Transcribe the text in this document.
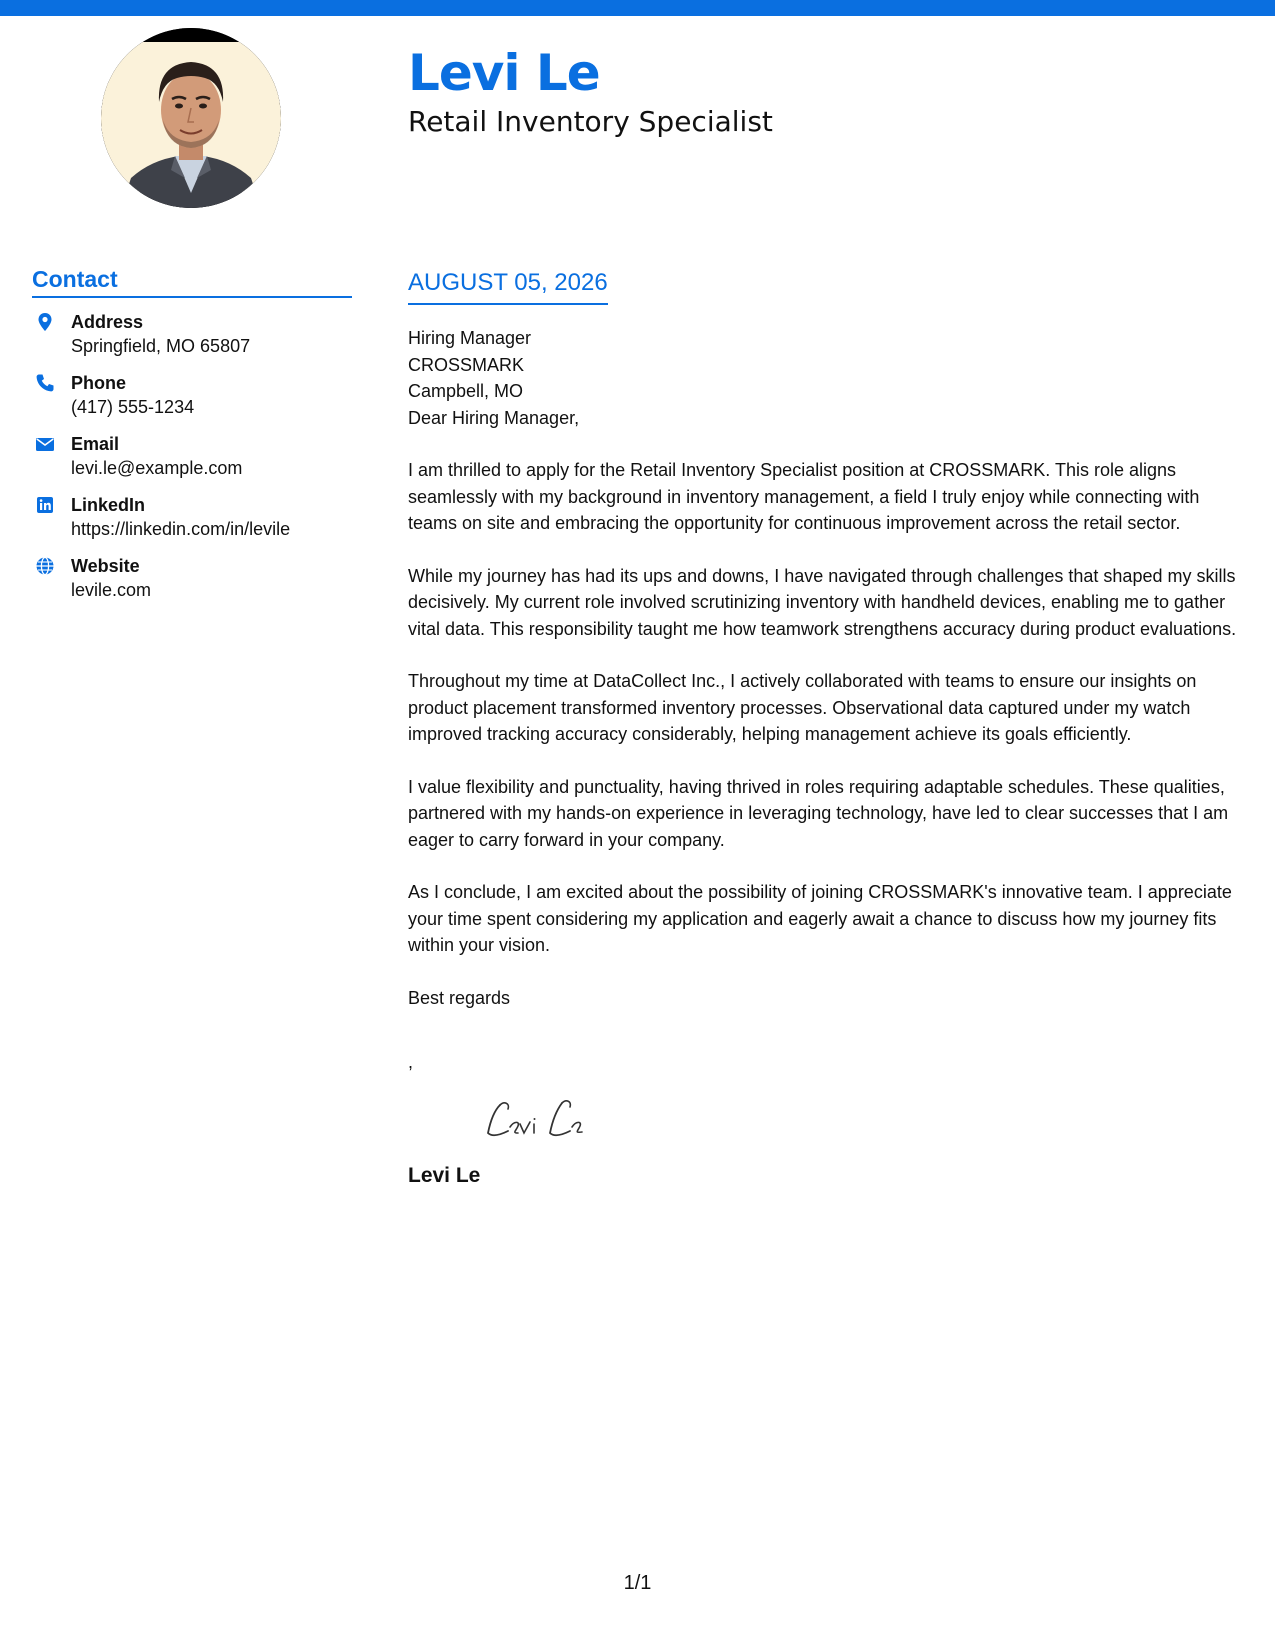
Levi Le
Retail Inventory Specialist
Contact
Address
Springfield, MO 65807
Phone
(417) 555-1234
Email
levi.le@example.com
LinkedIn
https://linkedin.com/in/levile
Website
levile.com
AUGUST 05, 2026
Hiring Manager
CROSSMARK
Campbell, MO

Dear Hiring Manager,

I am thrilled to apply for the Retail Inventory Specialist position at CROSSMARK. This role aligns seamlessly with my background in inventory management, a field I truly enjoy while connecting with teams on site and embracing the opportunity for continuous improvement across the retail sector.

While my journey has had its ups and downs, I have navigated through challenges that shaped my skills decisively. My current role involved scrutinizing inventory with handheld devices, enabling me to gather vital data. This responsibility taught me how teamwork strengthens accuracy during product evaluations.

Throughout my time at DataCollect Inc., I actively collaborated with teams to ensure our insights on product placement transformed inventory processes. Observational data captured under my watch improved tracking accuracy considerably, helping management achieve its goals efficiently.

I value flexibility and punctuality, having thrived in roles requiring adaptable schedules. These qualities, partnered with my hands-on experience in leveraging technology, have led to clear successes that I am eager to carry forward in your company.

As I conclude, I am excited about the possibility of joining CROSSMARK's innovative team. I appreciate your time spent considering my application and eagerly await a chance to discuss how my journey fits within your vision.

Best regards

,
Levi Le
1/1
